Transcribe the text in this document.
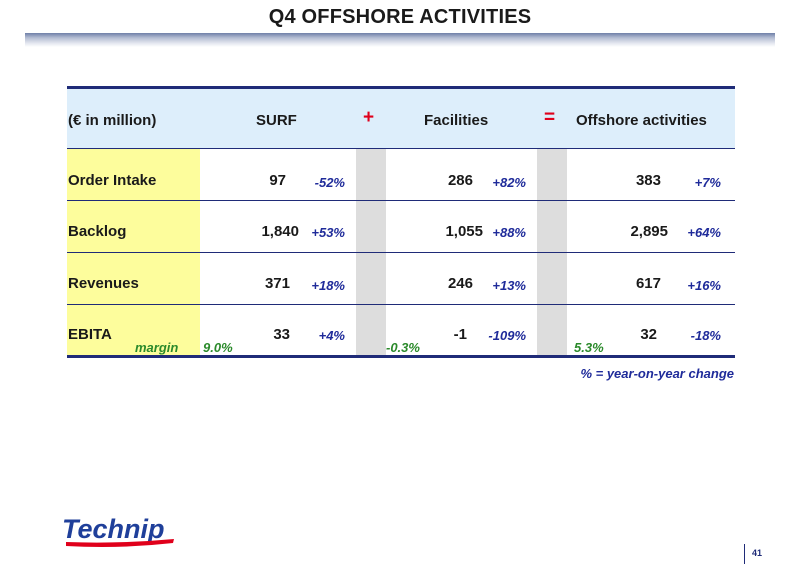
Q4 OFFSHORE ACTIVITIES
(€ in million)	SURF	+	Facilities	= Offshore activities
Order Intake	97	-52%	286	+82%	383	+7%
Backlog	1,840 +53%	1,055 +88%	2,895	+64%
Revenues	371	+18%	246	+13%	617	+16%
EBITA	33	+4%	-1	-109%	32	-18%
margin 9.0%	-0.3%	5.3%
% = year-on-year change
Technip
41
